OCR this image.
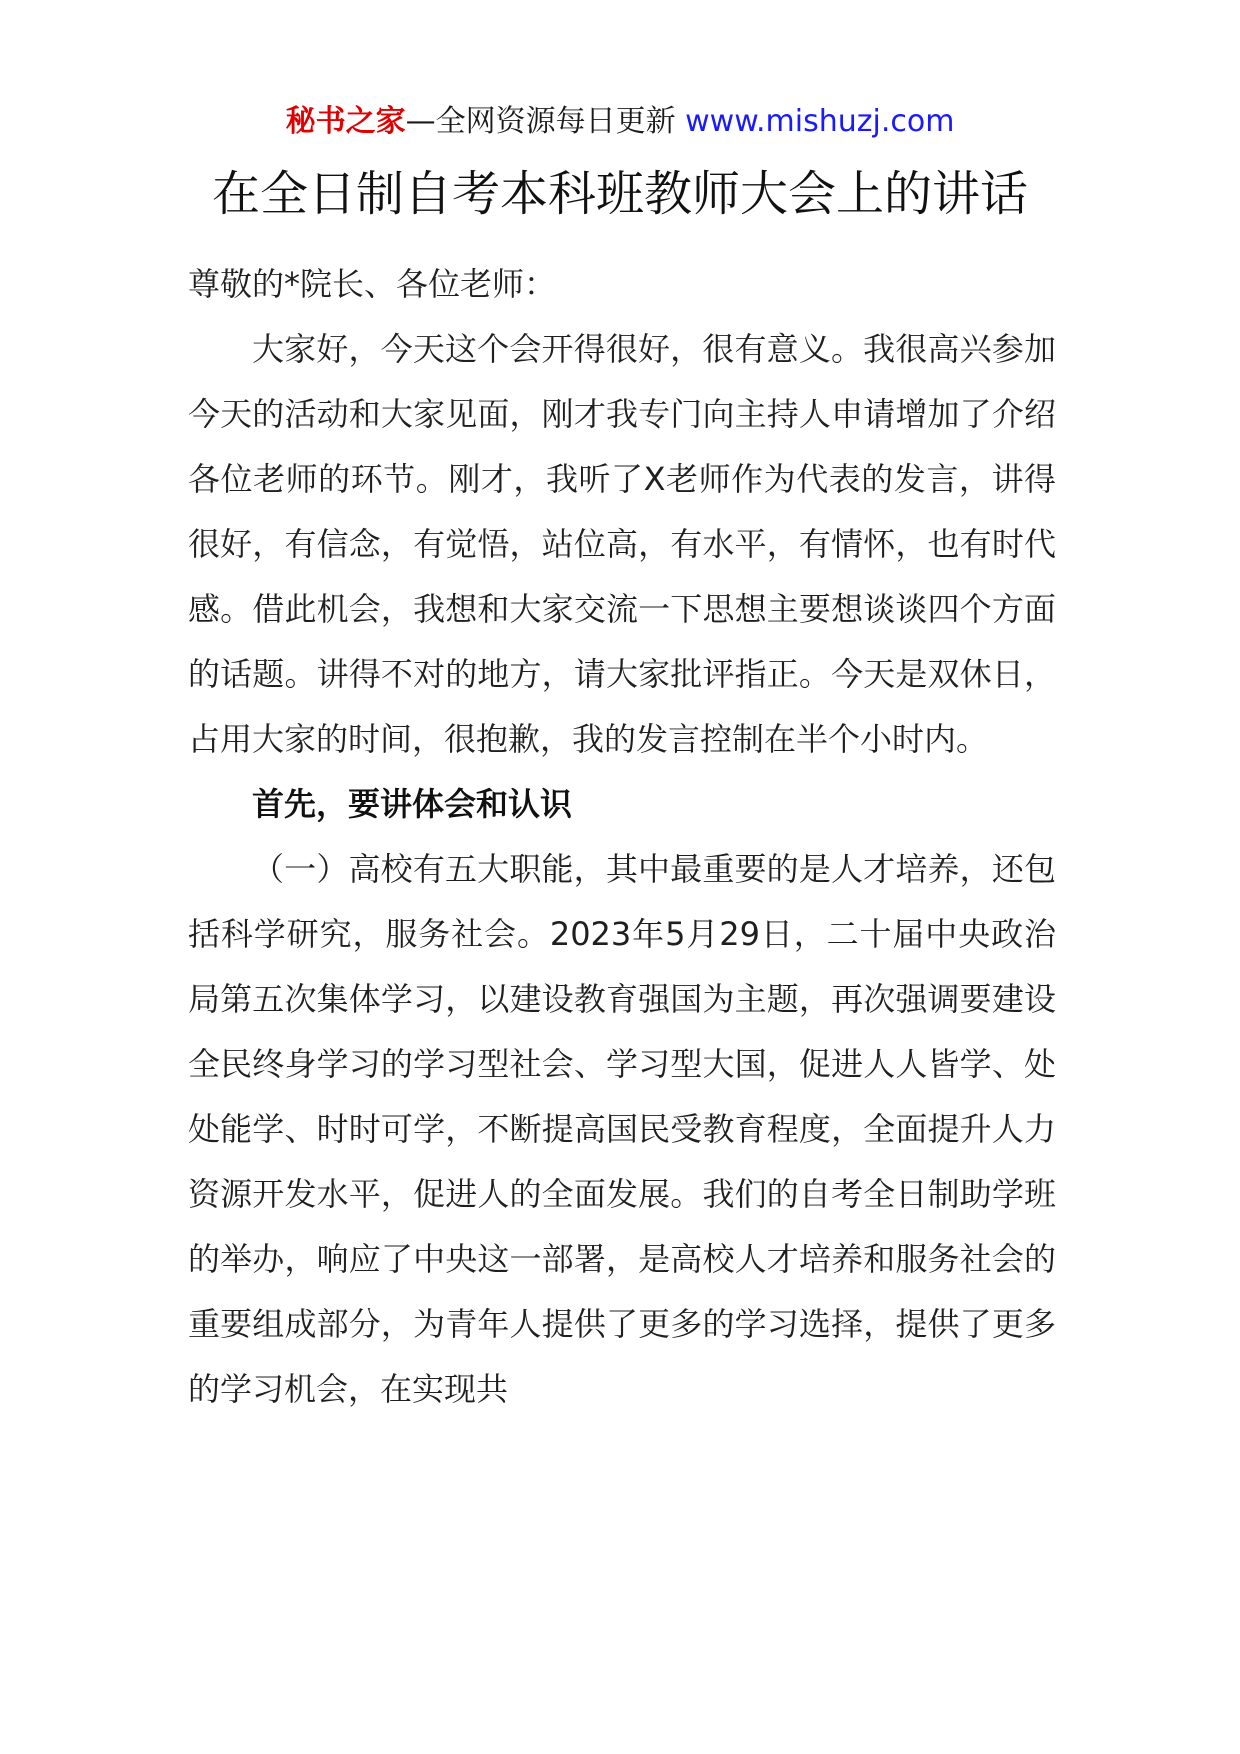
秘书之家—全网资源每日更新 www.mishuzj.com
在全日制自考本科班教师大会上的讲话

尊敬的*院长、各位老师：

大家好，今天这个会开得很好，很有意义。我很高兴参加今天的活动和大家见面，刚才我专门向主持人申请增加了介绍各位老师的环节。刚才，我听了X老师作为代表的发言，讲得很好，有信念，有觉悟，站位高，有水平，有情怀，也有时代感。借此机会，我想和大家交流一下思想主要想谈谈四个方面的话题。讲得不对的地方，请大家批评指正。今天是双休日，占用大家的时间，很抱歉，我的发言控制在半个小时内。

首先，要讲体会和认识

（一）高校有五大职能，其中最重要的是人才培养，还包括科学研究，服务社会。2023年5月29日，二十届中央政治局第五次集体学习，以建设教育强国为主题，再次强调要建设全民终身学习的学习型社会、学习型大国，促进人人皆学、处处能学、时时可学，不断提高国民受教育程度，全面提升人力资源开发水平，促进人的全面发展。我们的自考全日制助学班的举办，响应了中央这一部署，是高校人才培养和服务社会的重要组成部分，为青年人提供了更多的学习选择，提供了更多的学习机会，在实现共
